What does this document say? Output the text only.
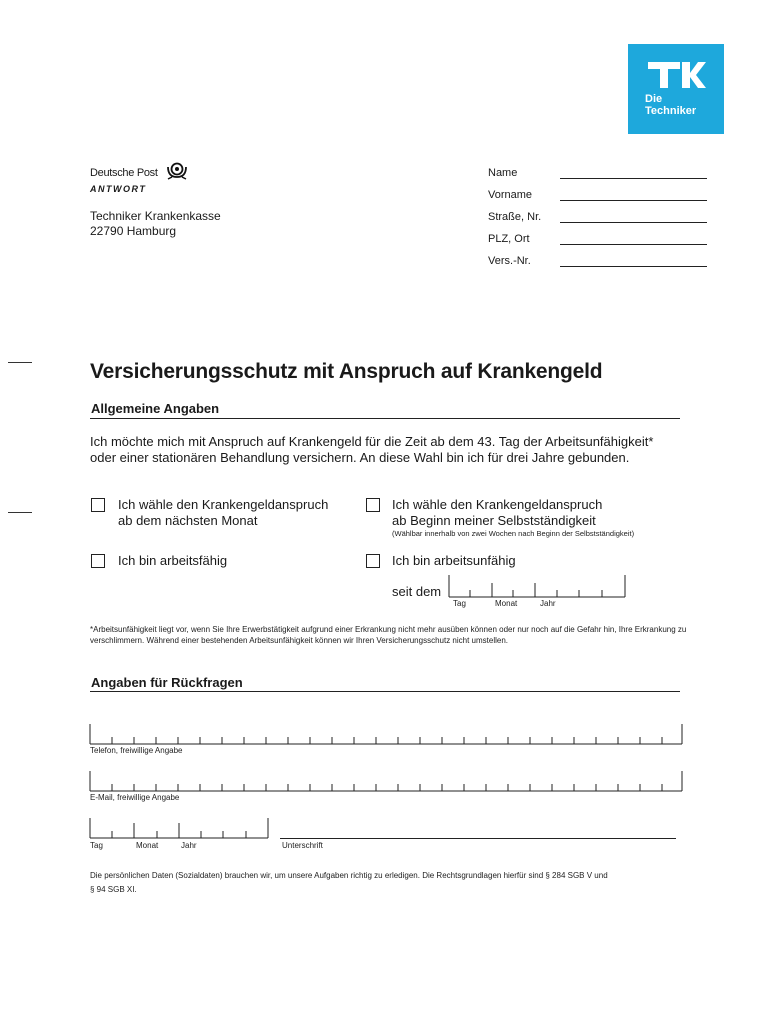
Die
Techniker
Deutsche Post
ANTWORT
Techniker Krankenkasse
22790 Hamburg
Name
Vorname
Straße, Nr.
PLZ, Ort
Vers.-Nr.
Versicherungsschutz mit Anspruch auf Krankengeld
Allgemeine Angaben
Ich möchte mich mit Anspruch auf Krankengeld für die Zeit ab dem 43. Tag der Arbeitsunfähigkeit* oder einer stationären Behandlung versichern. An diese Wahl bin ich für drei Jahre gebunden.
Ich wähle den Krankengeldanspruch
ab dem nächsten Monat
Ich wähle den Krankengeldanspruch
ab Beginn meiner Selbstständigkeit
(Wählbar innerhalb von zwei Wochen nach Beginn der Selbstständigkeit)
Ich bin arbeitsfähig	Ich bin arbeitsunfähig
seit dem
Tag	Monat	Jahr
*Arbeitsunfähigkeit liegt vor, wenn Sie Ihre Erwerbstätigkeit aufgrund einer Erkrankung nicht mehr ausüben können oder nur noch auf die Gefahr hin, Ihre Erkrankung zu verschlimmern. Während einer bestehenden Arbeitsunfähigkeit können wir Ihren Versicherungsschutz nicht umstellen.
Angaben für Rückfragen
Telefon, freiwillige Angabe
E-Mail, freiwillige Angabe
Tag	Monat	Jahr	Unterschrift
Die persönlichen Daten (Sozialdaten) brauchen wir, um unsere Aufgaben richtig zu erledigen. Die Rechtsgrundlagen hierfür sind § 284 SGB V und
§ 94 SGB XI.
